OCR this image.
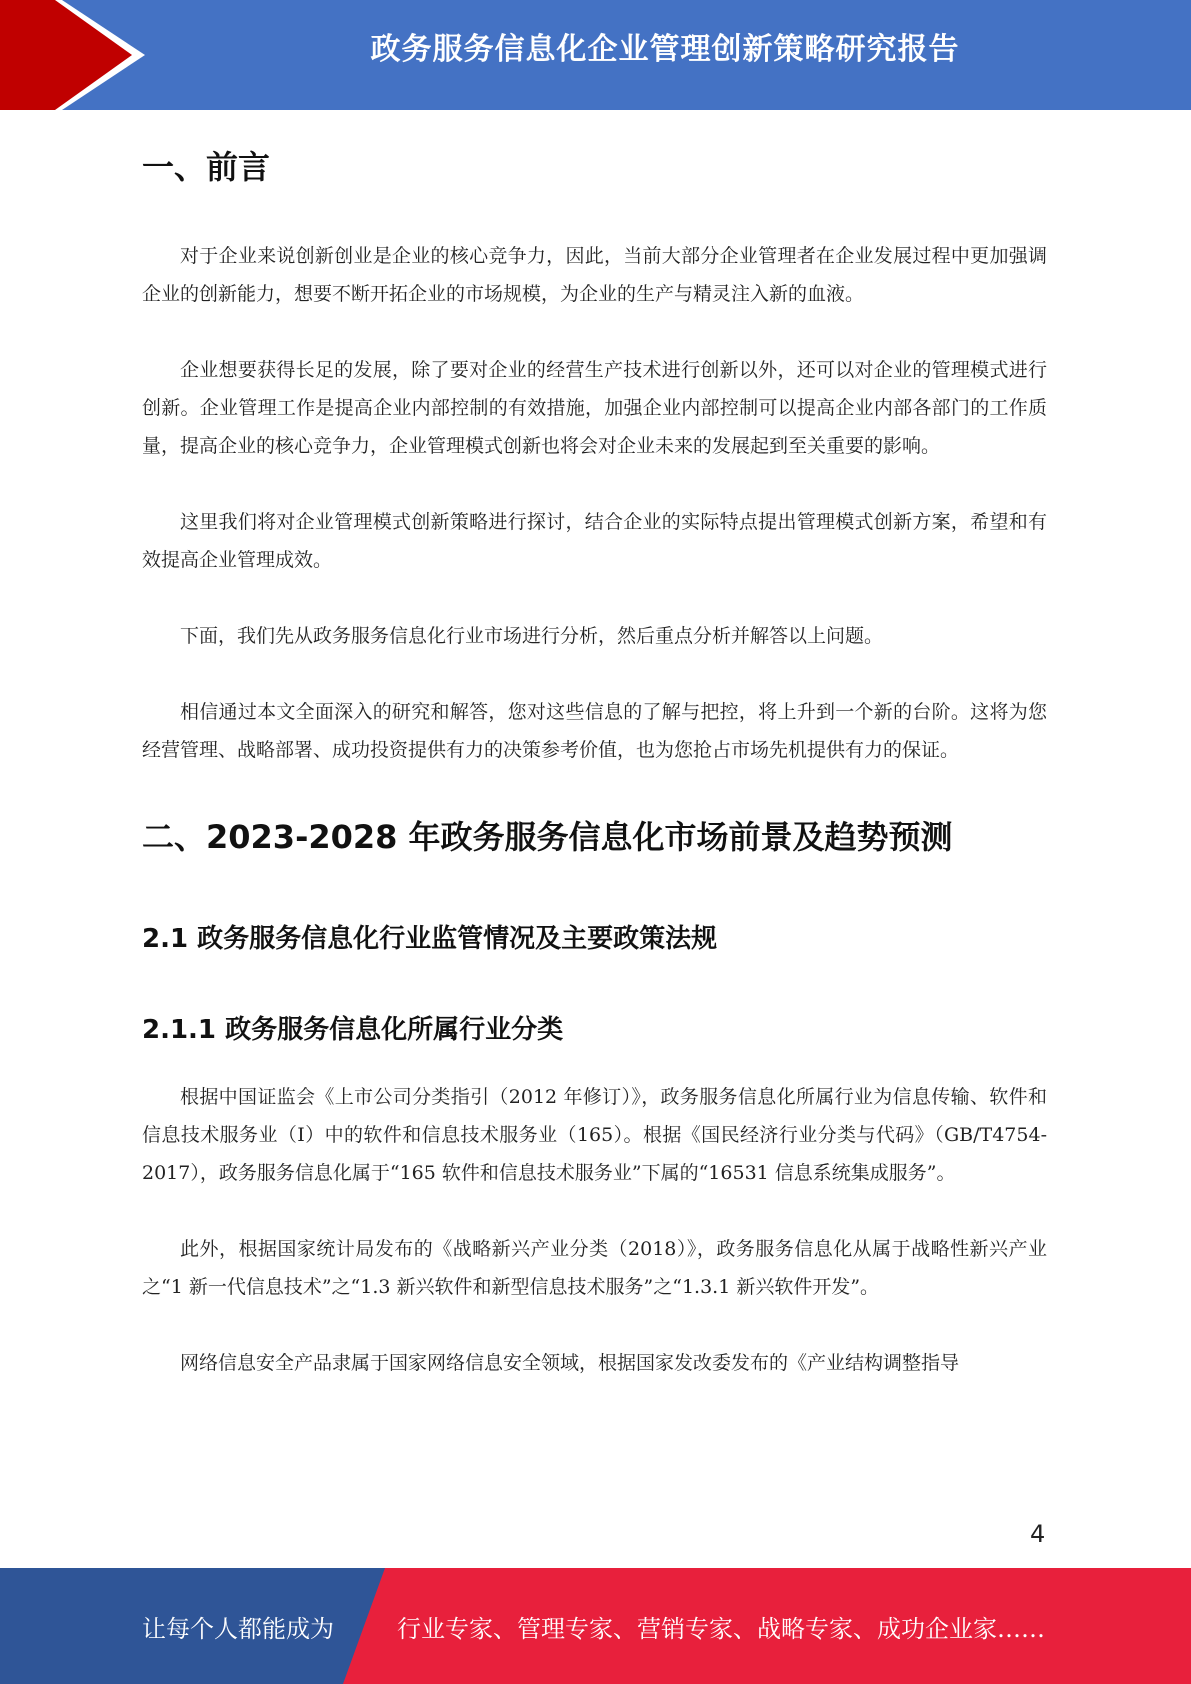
政务服务信息化企业管理创新策略研究报告
一、前言

对于企业来说创新创业是企业的核心竞争力，因此，当前大部分企业管理者在企业发展过程中更加强调企业的创新能力，想要不断开拓企业的市场规模，为企业的生产与精灵注入新的血液。

企业想要获得长足的发展，除了要对企业的经营生产技术进行创新以外，还可以对企业的管理模式进行创新。企业管理工作是提高企业内部控制的有效措施，加强企业内部控制可以提高企业内部各部门的工作质量，提高企业的核心竞争力，企业管理模式创新也将会对企业未来的发展起到至关重要的影响。

这里我们将对企业管理模式创新策略进行探讨，结合企业的实际特点提出管理模式创新方案，希望和有效提高企业管理成效。

下面，我们先从政务服务信息化行业市场进行分析，然后重点分析并解答以上问题。

相信通过本文全面深入的研究和解答，您对这些信息的了解与把控，将上升到一个新的台阶。这将为您经营管理、战略部署、成功投资提供有力的决策参考价值，也为您抢占市场先机提供有力的保证。

二、2023-2028 年政务服务信息化市场前景及趋势预测
2.1 政务服务信息化行业监管情况及主要政策法规
2.1.1 政务服务信息化所属行业分类

根据中国证监会《上市公司分类指引（2012 年修订）》，政务服务信息化所属行业为信息传输、软件和信息技术服务业（I）中的软件和信息技术服务业（165）。根据《国民经济行业分类与代码》（GB/T4754-2017），政务服务信息化属于“165 软件和信息技术服务业”下属的“16531 信息系统集成服务”。

此外，根据国家统计局发布的《战略新兴产业分类（2018）》，政务服务信息化从属于战略性新兴产业之“1 新一代信息技术”之“1.3 新兴软件和新型信息技术服务”之“1.3.1 新兴软件开发”。

网络信息安全产品隶属于国家网络信息安全领域，根据国家发改委发布的《产业结构调整指导

4
让每个人都能成为	行业专家、管理专家、营销专家、战略专家、成功企业家……
